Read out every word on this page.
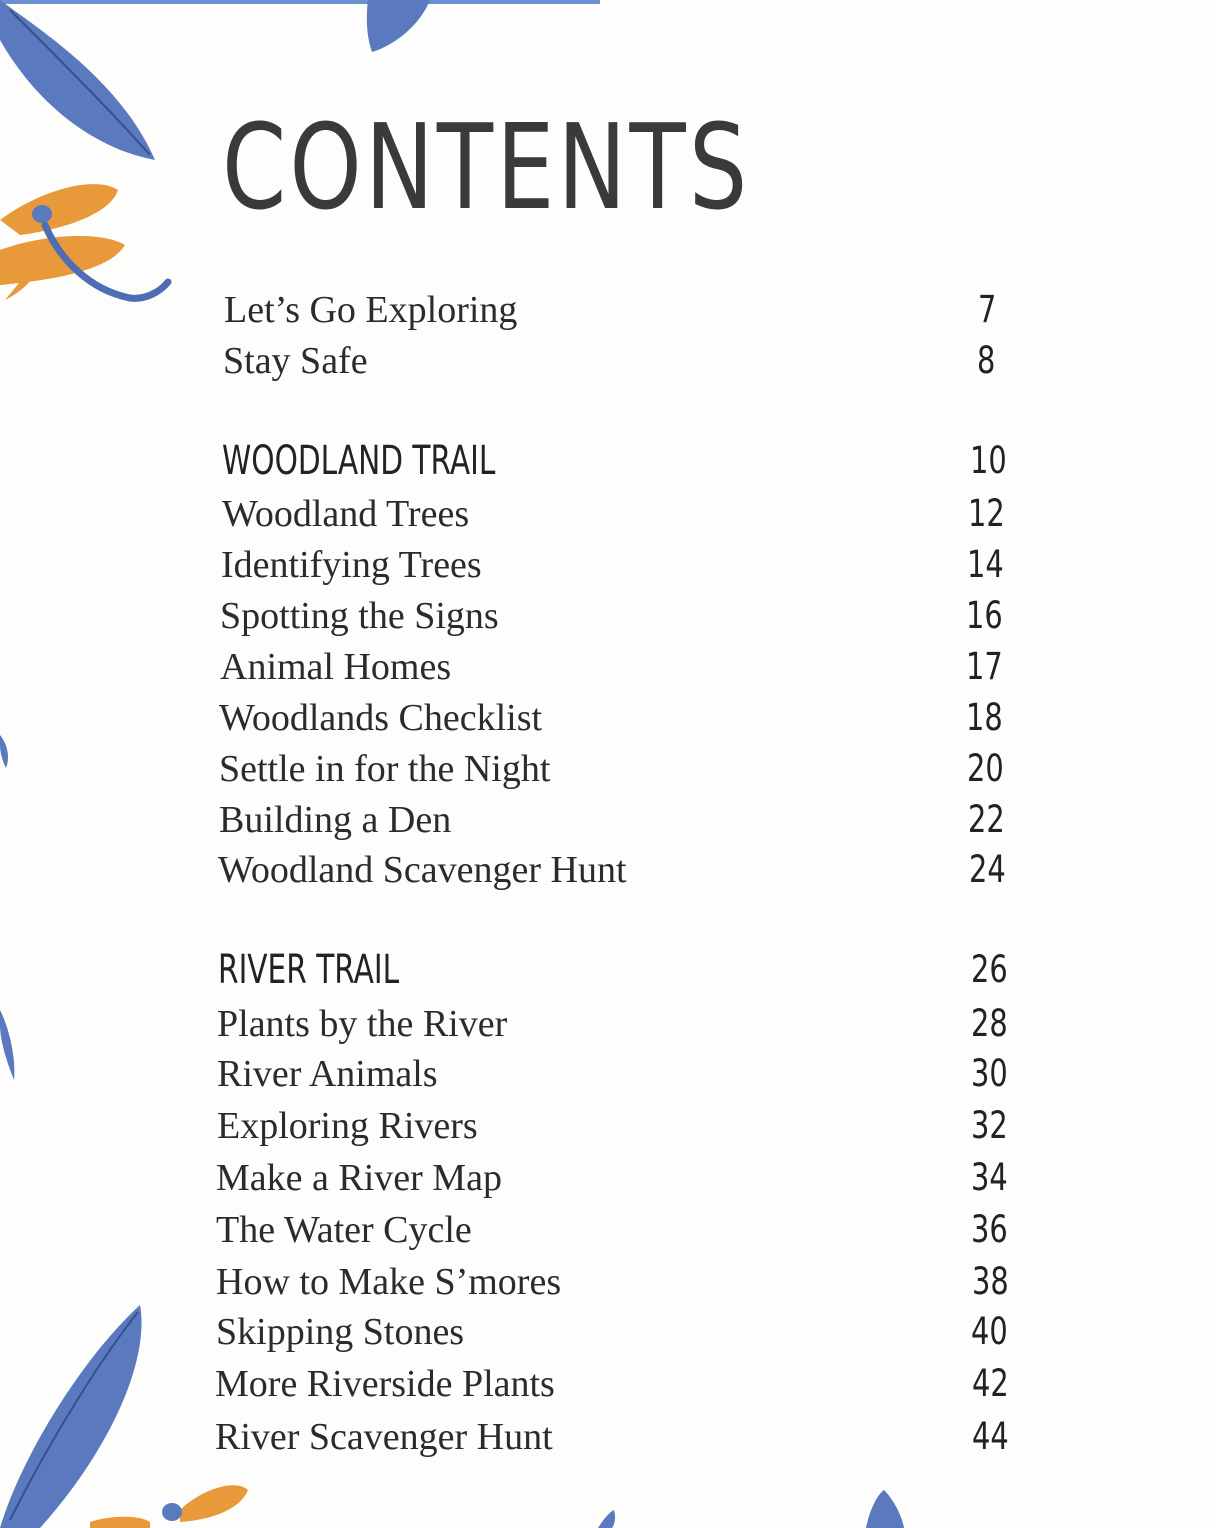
CONTENTS
Let’s Go Exploring	7
Stay Safe	8
WOODLAND TRAIL	10
Woodland Trees	12
Identifying Trees	14
Spotting the Signs	16
Animal Homes	17
Woodlands Checklist	18
Settle in for the Night	20
Building a Den	22
Woodland Scavenger Hunt	24
RIVER TRAIL	26
Plants by the River	28
River Animals	30
Exploring Rivers	32
Make a River Map	34
The Water Cycle	36
How to Make S’mores	38
Skipping Stones	40
More Riverside Plants	42
River Scavenger Hunt	44
